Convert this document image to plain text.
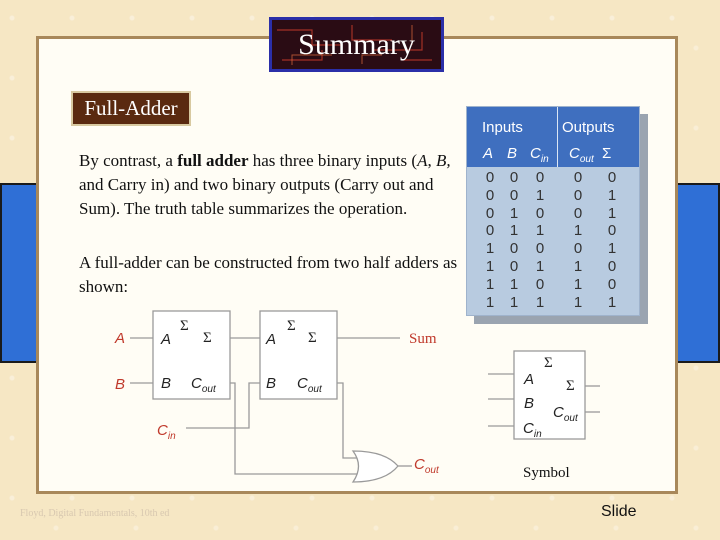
Summary
Full-Adder
By contrast, a full adder has three binary inputs (A, B, and Carry in) and two binary outputs (Carry out and Sum). The truth table summarizes the operation.
A full-adder can be constructed from two half adders as shown:
Inputs	Outputs
A B $C_{in}$ $C_{out}$ Σ
0	0	0	0	0
0	0	1	0	1
0	1	0	0	1
0	1	1	1	0
1	0	0	0	1
1	0	1	1	0
1	1	0	1	0
1	1	1	1	1
A
B
$C_{in}$
A
Σ
Σ
B $C_{out}$
A
Σ
Σ
B $C_{out}$
Sum
$C_{out}$
A
B
$C_{in}$
Σ
Σ
$C_{out}$
Symbol
Floyd, Digital Fundamentals, 10th ed	Slide
